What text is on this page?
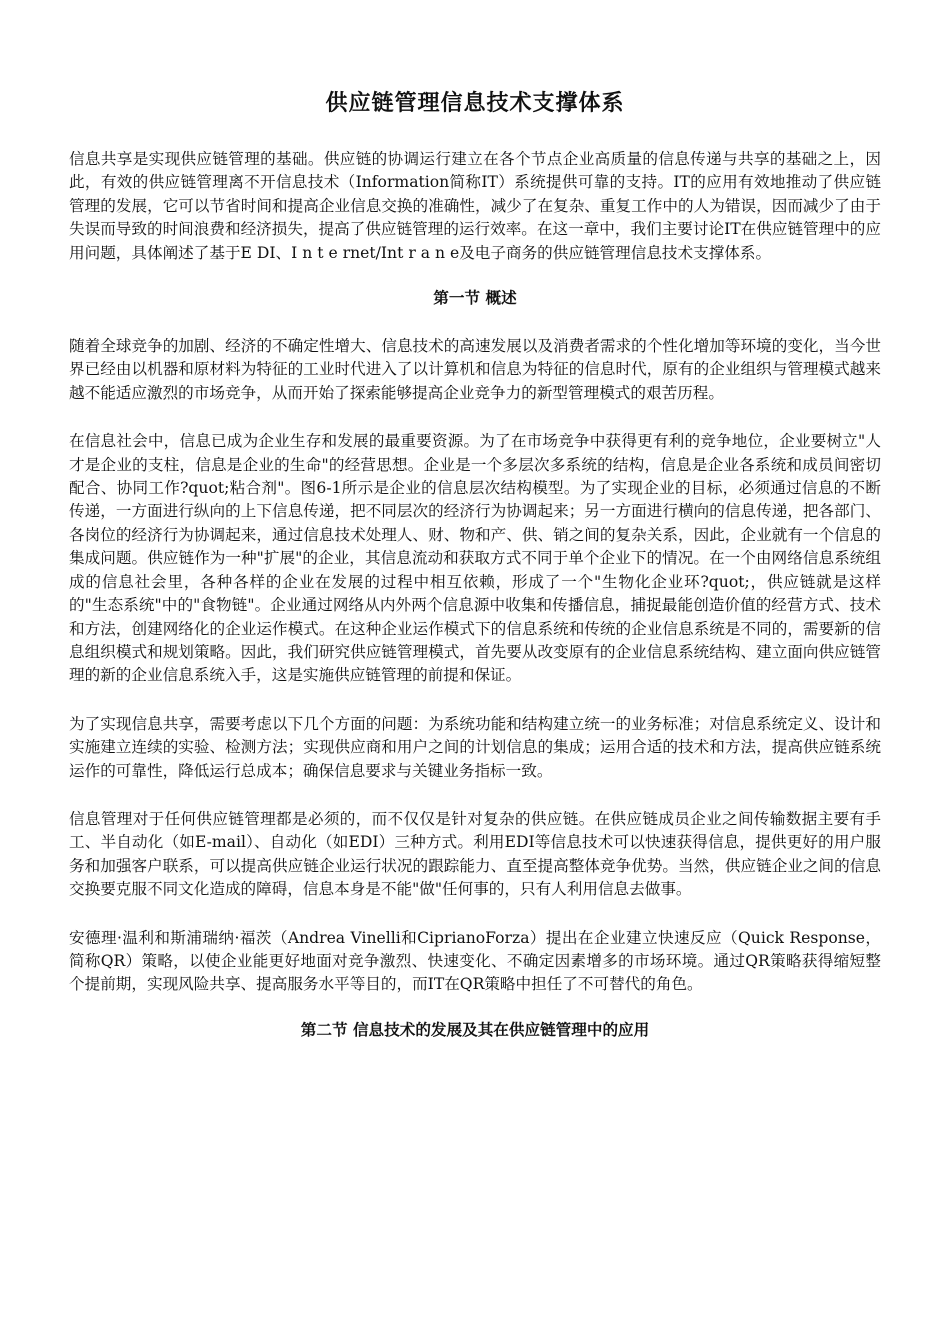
供应链管理信息技术支撑体系

信息共享是实现供应链管理的基础。供应链的协调运行建立在各个节点企业高质量的信息传递与共享的基础之上，因此，有效的供应链管理离不开信息技术（Information简称IT）系统提供可靠的支持。IT的应用有效地推动了供应链管理的发展，它可以节省时间和提高企业信息交换的准确性，减少了在复杂、重复工作中的人为错误，因而减少了由于失误而导致的时间浪费和经济损失，提高了供应链管理的运行效率。在这一章中，我们主要讨论IT在供应链管理中的应用问题，具体阐述了基于E DI、I n t e rnet/Int r a n e及电子商务的供应链管理信息技术支撑体系。

第一节 概述

随着全球竞争的加剧、经济的不确定性增大、信息技术的高速发展以及消费者需求的个性化增加等环境的变化，当今世界已经由以机器和原材料为特征的工业时代进入了以计算机和信息为特征的信息时代，原有的企业组织与管理模式越来越不能适应激烈的市场竞争，从而开始了探索能够提高企业竞争力的新型管理模式的艰苦历程。

在信息社会中，信息已成为企业生存和发展的最重要资源。为了在市场竞争中获得更有利的竞争地位，企业要树立"人才是企业的支柱，信息是企业的生命"的经营思想。企业是一个多层次多系统的结构，信息是企业各系统和成员间密切配合、协同工作?quot;粘合剂"。图6-1所示是企业的信息层次结构模型。为了实现企业的目标，必须通过信息的不断传递，一方面进行纵向的上下信息传递，把不同层次的经济行为协调起来；另一方面进行横向的信息传递，把各部门、各岗位的经济行为协调起来，通过信息技术处理人、财、物和产、供、销之间的复杂关系，因此，企业就有一个信息的集成问题。供应链作为一种"扩展"的企业，其信息流动和获取方式不同于单个企业下的情况。在一个由网络信息系统组成的信息社会里，各种各样的企业在发展的过程中相互依赖，形成了一个"生物化企业环?quot;，供应链就是这样的"生态系统"中的"食物链"。企业通过网络从内外两个信息源中收集和传播信息，捕捉最能创造价值的经营方式、技术和方法，创建网络化的企业运作模式。在这种企业运作模式下的信息系统和传统的企业信息系统是不同的，需要新的信息组织模式和规划策略。因此，我们研究供应链管理模式，首先要从改变原有的企业信息系统结构、建立面向供应链管理的新的企业信息系统入手，这是实施供应链管理的前提和保证。

为了实现信息共享，需要考虑以下几个方面的问题：为系统功能和结构建立统一的业务标准；对信息系统定义、设计和实施建立连续的实验、检测方法；实现供应商和用户之间的计划信息的集成；运用合适的技术和方法，提高供应链系统运作的可靠性，降低运行总成本；确保信息要求与关键业务指标一致。

信息管理对于任何供应链管理都是必须的，而不仅仅是针对复杂的供应链。在供应链成员企业之间传输数据主要有手工、半自动化（如E-mail）、自动化（如EDI）三种方式。利用EDI等信息技术可以快速获得信息，提供更好的用户服务和加强客户联系，可以提高供应链企业运行状况的跟踪能力、直至提高整体竞争优势。当然，供应链企业之间的信息交换要克服不同文化造成的障碍，信息本身是不能"做"任何事的，只有人利用信息去做事。

安德理·温利和斯浦瑞纳·福茨（Andrea Vinelli和CiprianoForza）提出在企业建立快速反应（Quick Response，简称QR）策略，以使企业能更好地面对竞争激烈、快速变化、不确定因素增多的市场环境。通过QR策略获得缩短整个提前期，实现风险共享、提高服务水平等目的，而IT在QR策略中担任了不可替代的角色。

第二节 信息技术的发展及其在供应链管理中的应用
